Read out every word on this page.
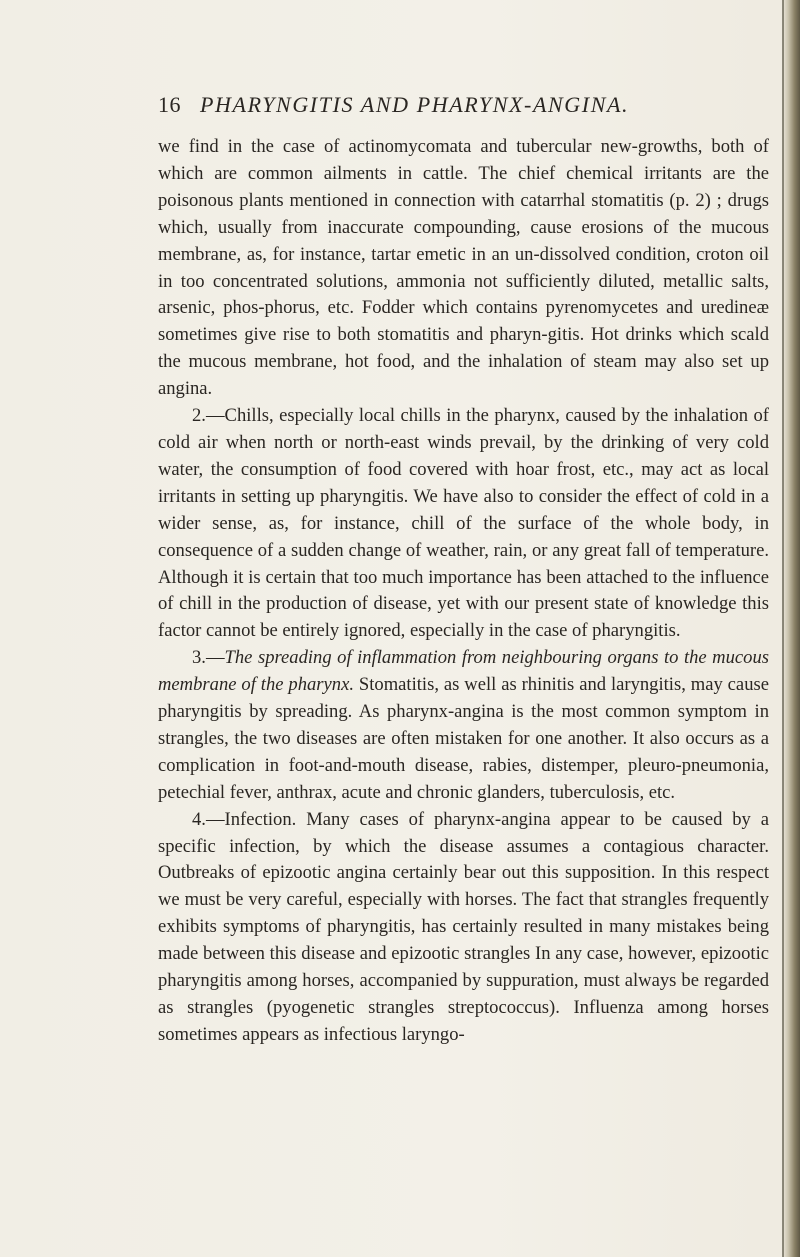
16 PHARYNGITIS AND PHARYNX-ANGINA.

we find in the case of actinomycomata and tubercular new-growths, both of which are common ailments in cattle. The chief chemical irritants are the poisonous plants mentioned in connection with catarrhal stomatitis (p. 2) ; drugs which, usually from inaccurate compounding, cause erosions of the mucous membrane, as, for instance, tartar emetic in an un-dissolved condition, croton oil in too concentrated solutions, ammonia not sufficiently diluted, metallic salts, arsenic, phos-phorus, etc. Fodder which contains pyrenomycetes and uredineæ sometimes give rise to both stomatitis and pharyn-gitis. Hot drinks which scald the mucous membrane, hot food, and the inhalation of steam may also set up angina.

2.—Chills, especially local chills in the pharynx, caused by the inhalation of cold air when north or north-east winds prevail, by the drinking of very cold water, the consumption of food covered with hoar frost, etc., may act as local irritants in setting up pharyngitis. We have also to consider the effect of cold in a wider sense, as, for instance, chill of the surface of the whole body, in consequence of a sudden change of weather, rain, or any great fall of temperature. Although it is certain that too much importance has been attached to the influence of chill in the production of disease, yet with our present state of knowledge this factor cannot be entirely ignored, especially in the case of pharyngitis.

3.—The spreading of inflammation from neighbouring organs to the mucous membrane of the pharynx. Stomatitis, as well as rhinitis and laryngitis, may cause pharyngitis by spreading. As pharynx-angina is the most common symptom in strangles, the two diseases are often mistaken for one another. It also occurs as a complication in foot-and-mouth disease, rabies, distemper, pleuro-pneumonia, petechial fever, anthrax, acute and chronic glanders, tuberculosis, etc.

4.—Infection. Many cases of pharynx-angina appear to be caused by a specific infection, by which the disease assumes a contagious character. Outbreaks of epizootic angina certainly bear out this supposition. In this respect we must be very careful, especially with horses. The fact that strangles frequently exhibits symptoms of pharyngitis, has certainly resulted in many mistakes being made between this disease and epizootic strangles In any case, however, epizootic pharyngitis among horses, accompanied by suppuration, must always be regarded as strangles (pyogenetic strangles streptococcus). Influenza among horses sometimes appears as infectious laryngo-
